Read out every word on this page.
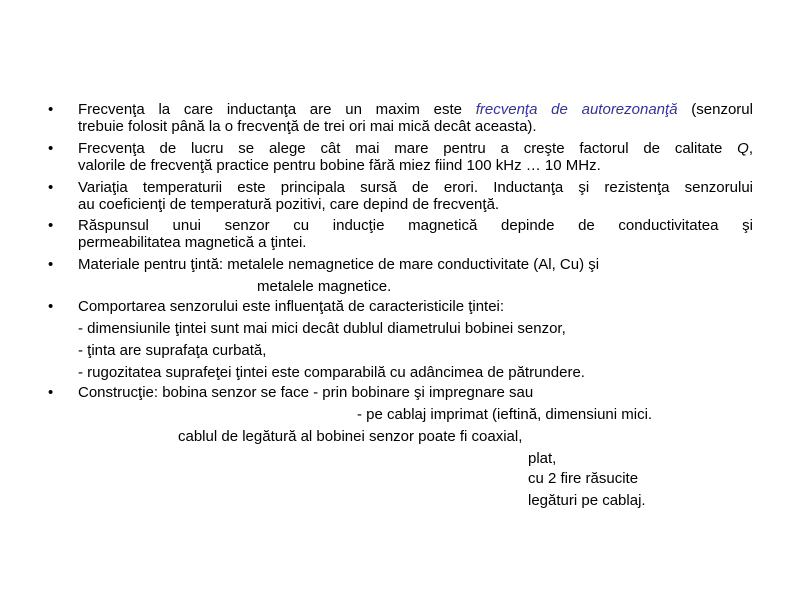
• Frecvenţa la care inductanţa are un maxim este frecvenţa de autorezonanţă (senzorul
trebuie folosit până la o frecvenţă de trei ori mai mică decât aceasta).
• Frecvenţa de lucru se alege cât mai mare pentru a creşte factorul de calitate Q,
valorile de frecvenţă practice pentru bobine fără miez fiind 100 kHz … 10 MHz.
• Variaţia temperaturii este principala sursă de erori. Inductanţa şi rezistenţa senzorului
au coeficienţi de temperatură pozitivi, care depind de frecvenţă.
• Răspunsul unui senzor cu inducţie magnetică depinde de conductivitatea şi
permeabilitatea magnetică a ţintei.
• Materiale pentru ţintă: metalele nemagnetice de mare conductivitate (Al, Cu) şi
metalele magnetice.
• Comportarea senzorului este influenţată de caracteristicile ţintei:
- dimensiunile ţintei sunt mai mici decât dublul diametrului bobinei senzor,
- ţinta are suprafaţa curbată,
- rugozitatea suprafeţei ţintei este comparabilă cu adâncimea de pătrundere.
• Construcţie: bobina senzor se face - prin bobinare şi impregnare sau
- pe cablaj imprimat (ieftină, dimensiuni mici.
cablul de legătură al bobinei senzor poate fi coaxial,
plat,
cu 2 fire răsucite
legături pe cablaj.
